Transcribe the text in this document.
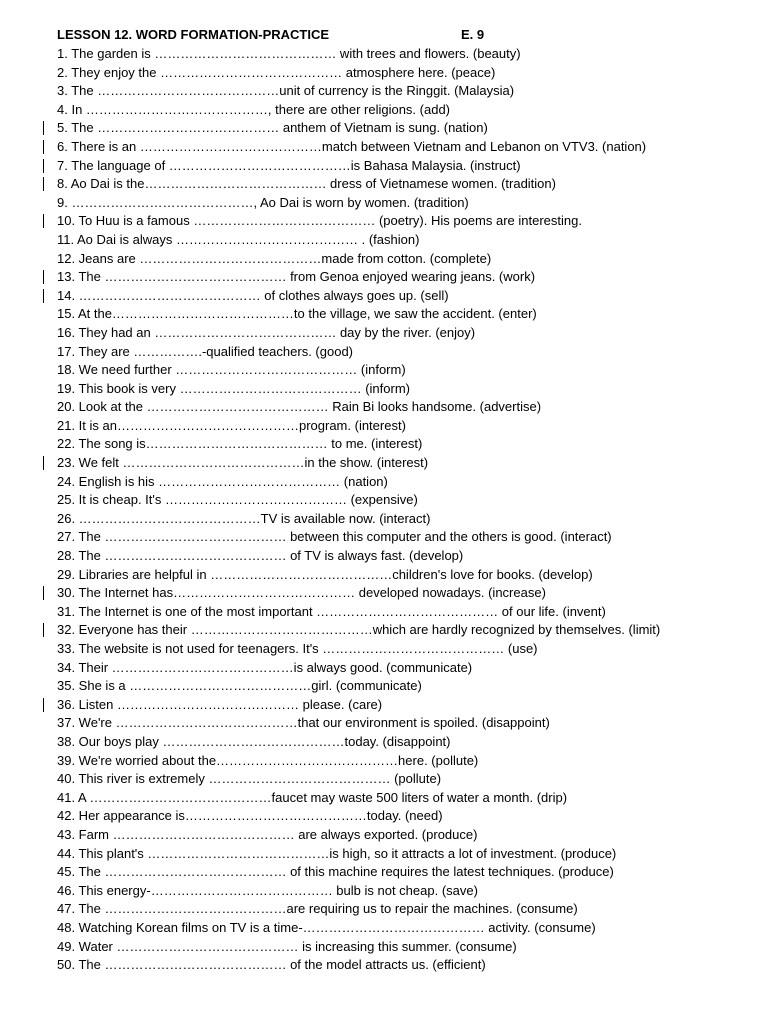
LESSON 12. WORD FORMATION-PRACTICE	E. 9
1. The garden is …………………………………… with trees and flowers. (beauty)
2. They enjoy the …………………………………… atmosphere here. (peace)
3. The ……………………………………unit of currency is the Ringgit. (Malaysia)
4. In ……………………………………, there are other religions. (add)
5. The …………………………………… anthem of Vietnam is sung. (nation)
6. There is an ……………………………………match between Vietnam and Lebanon on VTV3. (nation)
7. The language of ……………………………………is Bahasa Malaysia. (instruct)
8. Ao Dai is the…………………………………… dress of Vietnamese women. (tradition)
9. ……………………………………, Ao Dai is worn by women. (tradition)
10. To Huu is a famous …………………………………… (poetry). His poems are interesting.
11. Ao Dai is always …………………………………… . (fashion)
12. Jeans are ……………………………………made from cotton. (complete)
13. The …………………………………… from Genoa enjoyed wearing jeans. (work)
14. …………………………………… of clothes always goes up. (sell)
15. At the……………………………………to the village, we saw the accident. (enter)
16. They had an …………………………………… day by the river. (enjoy)
17. They are …………….-qualified teachers. (good)
18. We need further …………………………………… (inform)
19. This book is very …………………………………… (inform)
20. Look at the …………………………………… Rain Bi looks handsome. (advertise)
21. It is an……………………………………program. (interest)
22. The song is…………………………………… to me. (interest)
23. We felt ……………………………………in the show. (interest)
24. English is his …………………………………… (nation)
25. It is cheap. It's …………………………………… (expensive)
26. ……………………………………TV is available now. (interact)
27. The …………………………………… between this computer and the others is good. (interact)
28. The …………………………………… of TV is always fast. (develop)
29. Libraries are helpful in ……………………………………children's love for books. (develop)
30. The Internet has…………………………………… developed nowadays. (increase)
31. The Internet is one of the most important …………………………………… of our life. (invent)
32. Everyone has their ……………………………………which are hardly recognized by themselves. (limit)
33. The website is not used for teenagers. It's …………………………………… (use)
34. Their ……………………………………is always good. (communicate)
35. She is a ……………………………………girl. (communicate)
36. Listen …………………………………… please. (care)
37. We're ……………………………………that our environment is spoiled. (disappoint)
38. Our boys play ……………………………………today. (disappoint)
39. We're worried about the……………………………………here. (pollute)
40. This river is extremely …………………………………… (pollute)
41. A ……………………………………faucet may waste 500 liters of water a month. (drip)
42. Her appearance is……………………………………today. (need)
43. Farm …………………………………… are always exported. (produce)
44. This plant's ……………………………………is high, so it attracts a lot of investment. (produce)
45. The …………………………………… of this machine requires the latest techniques. (produce)
46. This energy-…………………………………… bulb is not cheap. (save)
47. The ……………………………………are requiring us to repair the machines. (consume)
48. Watching Korean films on TV is a time-…………………………………… activity. (consume)
49. Water …………………………………… is increasing this summer. (consume)
50. The …………………………………… of the model attracts us. (efficient)
